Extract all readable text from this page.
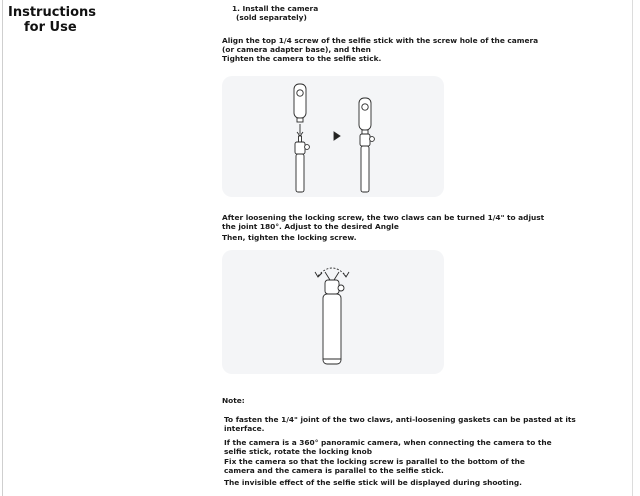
Instructions
for Use
1. Install the camera
(sold separately)
Align the top 1/4 screw of the selfie stick with the screw hole of the camera
(or camera adapter base), and then
Tighten the camera to the selfie stick.
After loosening the locking screw, the two claws can be turned 1/4" to adjust
the joint 180°. Adjust to the desired Angle
Then, tighten the locking screw.
Note:
To fasten the 1/4" joint of the two claws, anti-loosening gaskets can be pasted at its
interface.
If the camera is a 360° panoramic camera, when connecting the camera to the
selfie stick, rotate the locking knob
Fix the camera so that the locking screw is parallel to the bottom of the
camera and the camera is parallel to the selfie stick.
The invisible effect of the selfie stick will be displayed during shooting.
